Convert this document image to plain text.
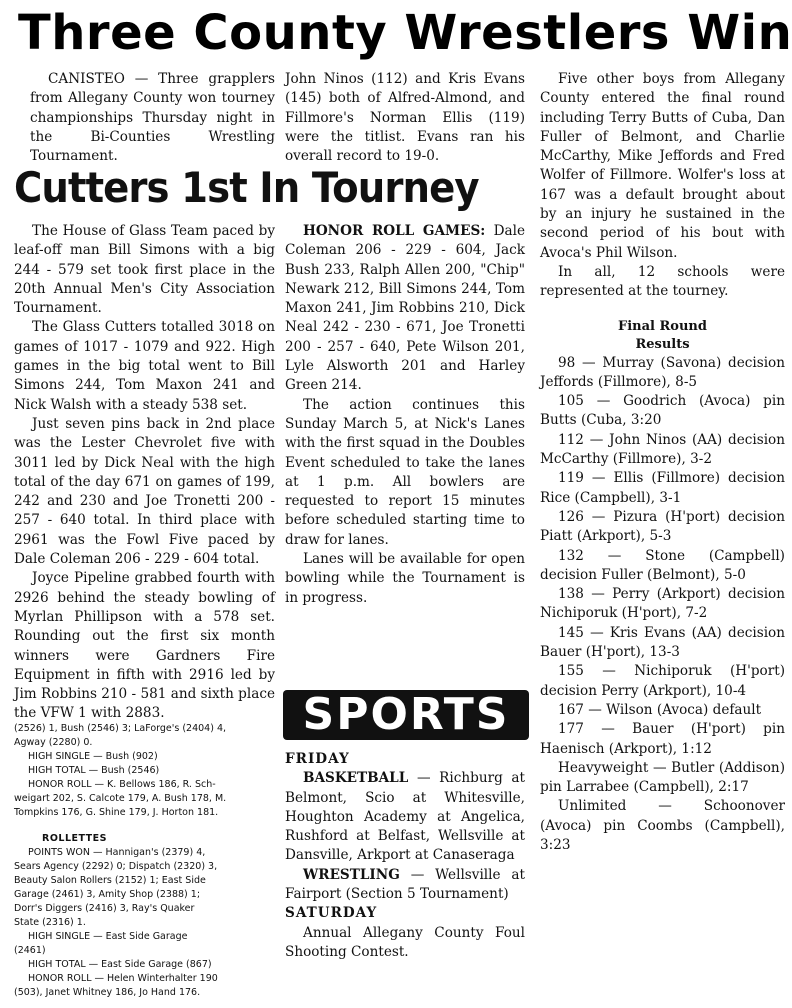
Three County Wrestlers Win

CANISTEO — Three grapplers from Allegany County won tourney championships Thursday night in the Bi-Counties Wrestling Tournament.

John Ninos (112) and Kris Evans (145) both of Alfred-Almond, and Fillmore's Norman Ellis (119) were the titlist. Evans ran his overall record to 19-0.

Five other boys from Allegany County entered the final round including Terry Butts of Cuba, Dan Fuller of Belmont, and Charlie McCarthy, Mike Jeffords and Fred Wolfer of Fillmore. Wolfer's loss at 167 was a default brought about by an injury he sustained in the second period of his bout with Avoca's Phil Wilson.

In all, 12 schools were represented at the tourney.

Final Round
Results

98 — Murray (Savona) decision Jeffords (Fillmore), 8-5

105 — Goodrich (Avoca) pin Butts (Cuba, 3:20

112 — John Ninos (AA) decision McCarthy (Fillmore), 3-2

119 — Ellis (Fillmore) decision Rice (Campbell), 3-1

126 — Pizura (H'port) decision Piatt (Arkport), 5-3

132 — Stone (Campbell) decision Fuller (Belmont), 5-0

138 — Perry (Arkport) decision Nichiporuk (H'port), 7-2

145 — Kris Evans (AA) decision Bauer (H'port), 13-3

155 — Nichiporuk (H'port) decision Perry (Arkport), 10-4

167 — Wilson (Avoca) default

177 — Bauer (H'port) pin Haenisch (Arkport), 1:12

Heavyweight — Butler (Addison) pin Larrabee (Campbell), 2:17

Unlimited — Schoonover (Avoca) pin Coombs (Campbell), 3:23

Cutters 1st In Tourney

The House of Glass Team paced by leaf-off man Bill Simons with a big 244 - 579 set took first place in the 20th Annual Men's City Association Tournament.

The Glass Cutters totalled 3018 on games of 1017 - 1079 and 922. High games in the big total went to Bill Simons 244, Tom Maxon 241 and Nick Walsh with a steady 538 set.

Just seven pins back in 2nd place was the Lester Chevrolet five with 3011 led by Dick Neal with the high total of the day 671 on games of 199, 242 and 230 and Joe Tronetti 200 - 257 - 640 total. In third place with 2961 was the Fowl Five paced by Dale Coleman 206 - 229 - 604 total.

Joyce Pipeline grabbed fourth with 2926 behind the steady bowling of Myrlan Phillipson with a 578 set. Rounding out the first six month winners were Gardners Fire Equipment in fifth with 2916 led by Jim Robbins 210 - 581 and sixth place the VFW 1 with 2883.

HONOR ROLL GAMES: Dale Coleman 206 - 229 - 604, Jack Bush 233, Ralph Allen 200, "Chip" Newark 212, Bill Simons 244, Tom Maxon 241, Jim Robbins 210, Dick Neal 242 - 230 - 671, Joe Tronetti 200 - 257 - 640, Pete Wilson 201, Lyle Alsworth 201 and Harley Green 214.

The action continues this Sunday March 5, at Nick's Lanes with the first squad in the Doubles Event scheduled to take the lanes at 1 p.m. All bowlers are requested to report 15 minutes before scheduled starting time to draw for lanes.

Lanes will be available for open bowling while the Tournament is in progress.

(2526) 1, Bush (2546) 3; LaForge's (2404) 4,
Agway (2280) 0.
HIGH SINGLE — Bush (902)
HIGH TOTAL — Bush (2546)
HONOR ROLL — K. Bellows 186, R. Sch-
weigart 202, S. Calcote 179, A. Bush 178, M.
Tompkins 176, G. Shine 179, J. Horton 181.
ROLLETTES
POINTS WON — Hannigan's (2379) 4,
Sears Agency (2292) 0; Dispatch (2320) 3,
Beauty Salon Rollers (2152) 1; East Side
Garage (2461) 3, Amity Shop (2388) 1;
Dorr's Diggers (2416) 3, Ray's Quaker
State (2316) 1.
HIGH SINGLE — East Side Garage
(2461)
HIGH TOTAL — East Side Garage (867)
HONOR ROLL — Helen Winterhalter 190
(503), Janet Whitney 186, Jo Hand 176.
SPORTS

FRIDAY

BASKETBALL — Richburg at Belmont, Scio at Whitesville, Houghton Academy at Angelica, Rushford at Belfast, Wellsville at Dansville, Arkport at Canaseraga

WRESTLING — Wellsville at Fairport (Section 5 Tournament)

SATURDAY

Annual Allegany County Foul Shooting Contest.
